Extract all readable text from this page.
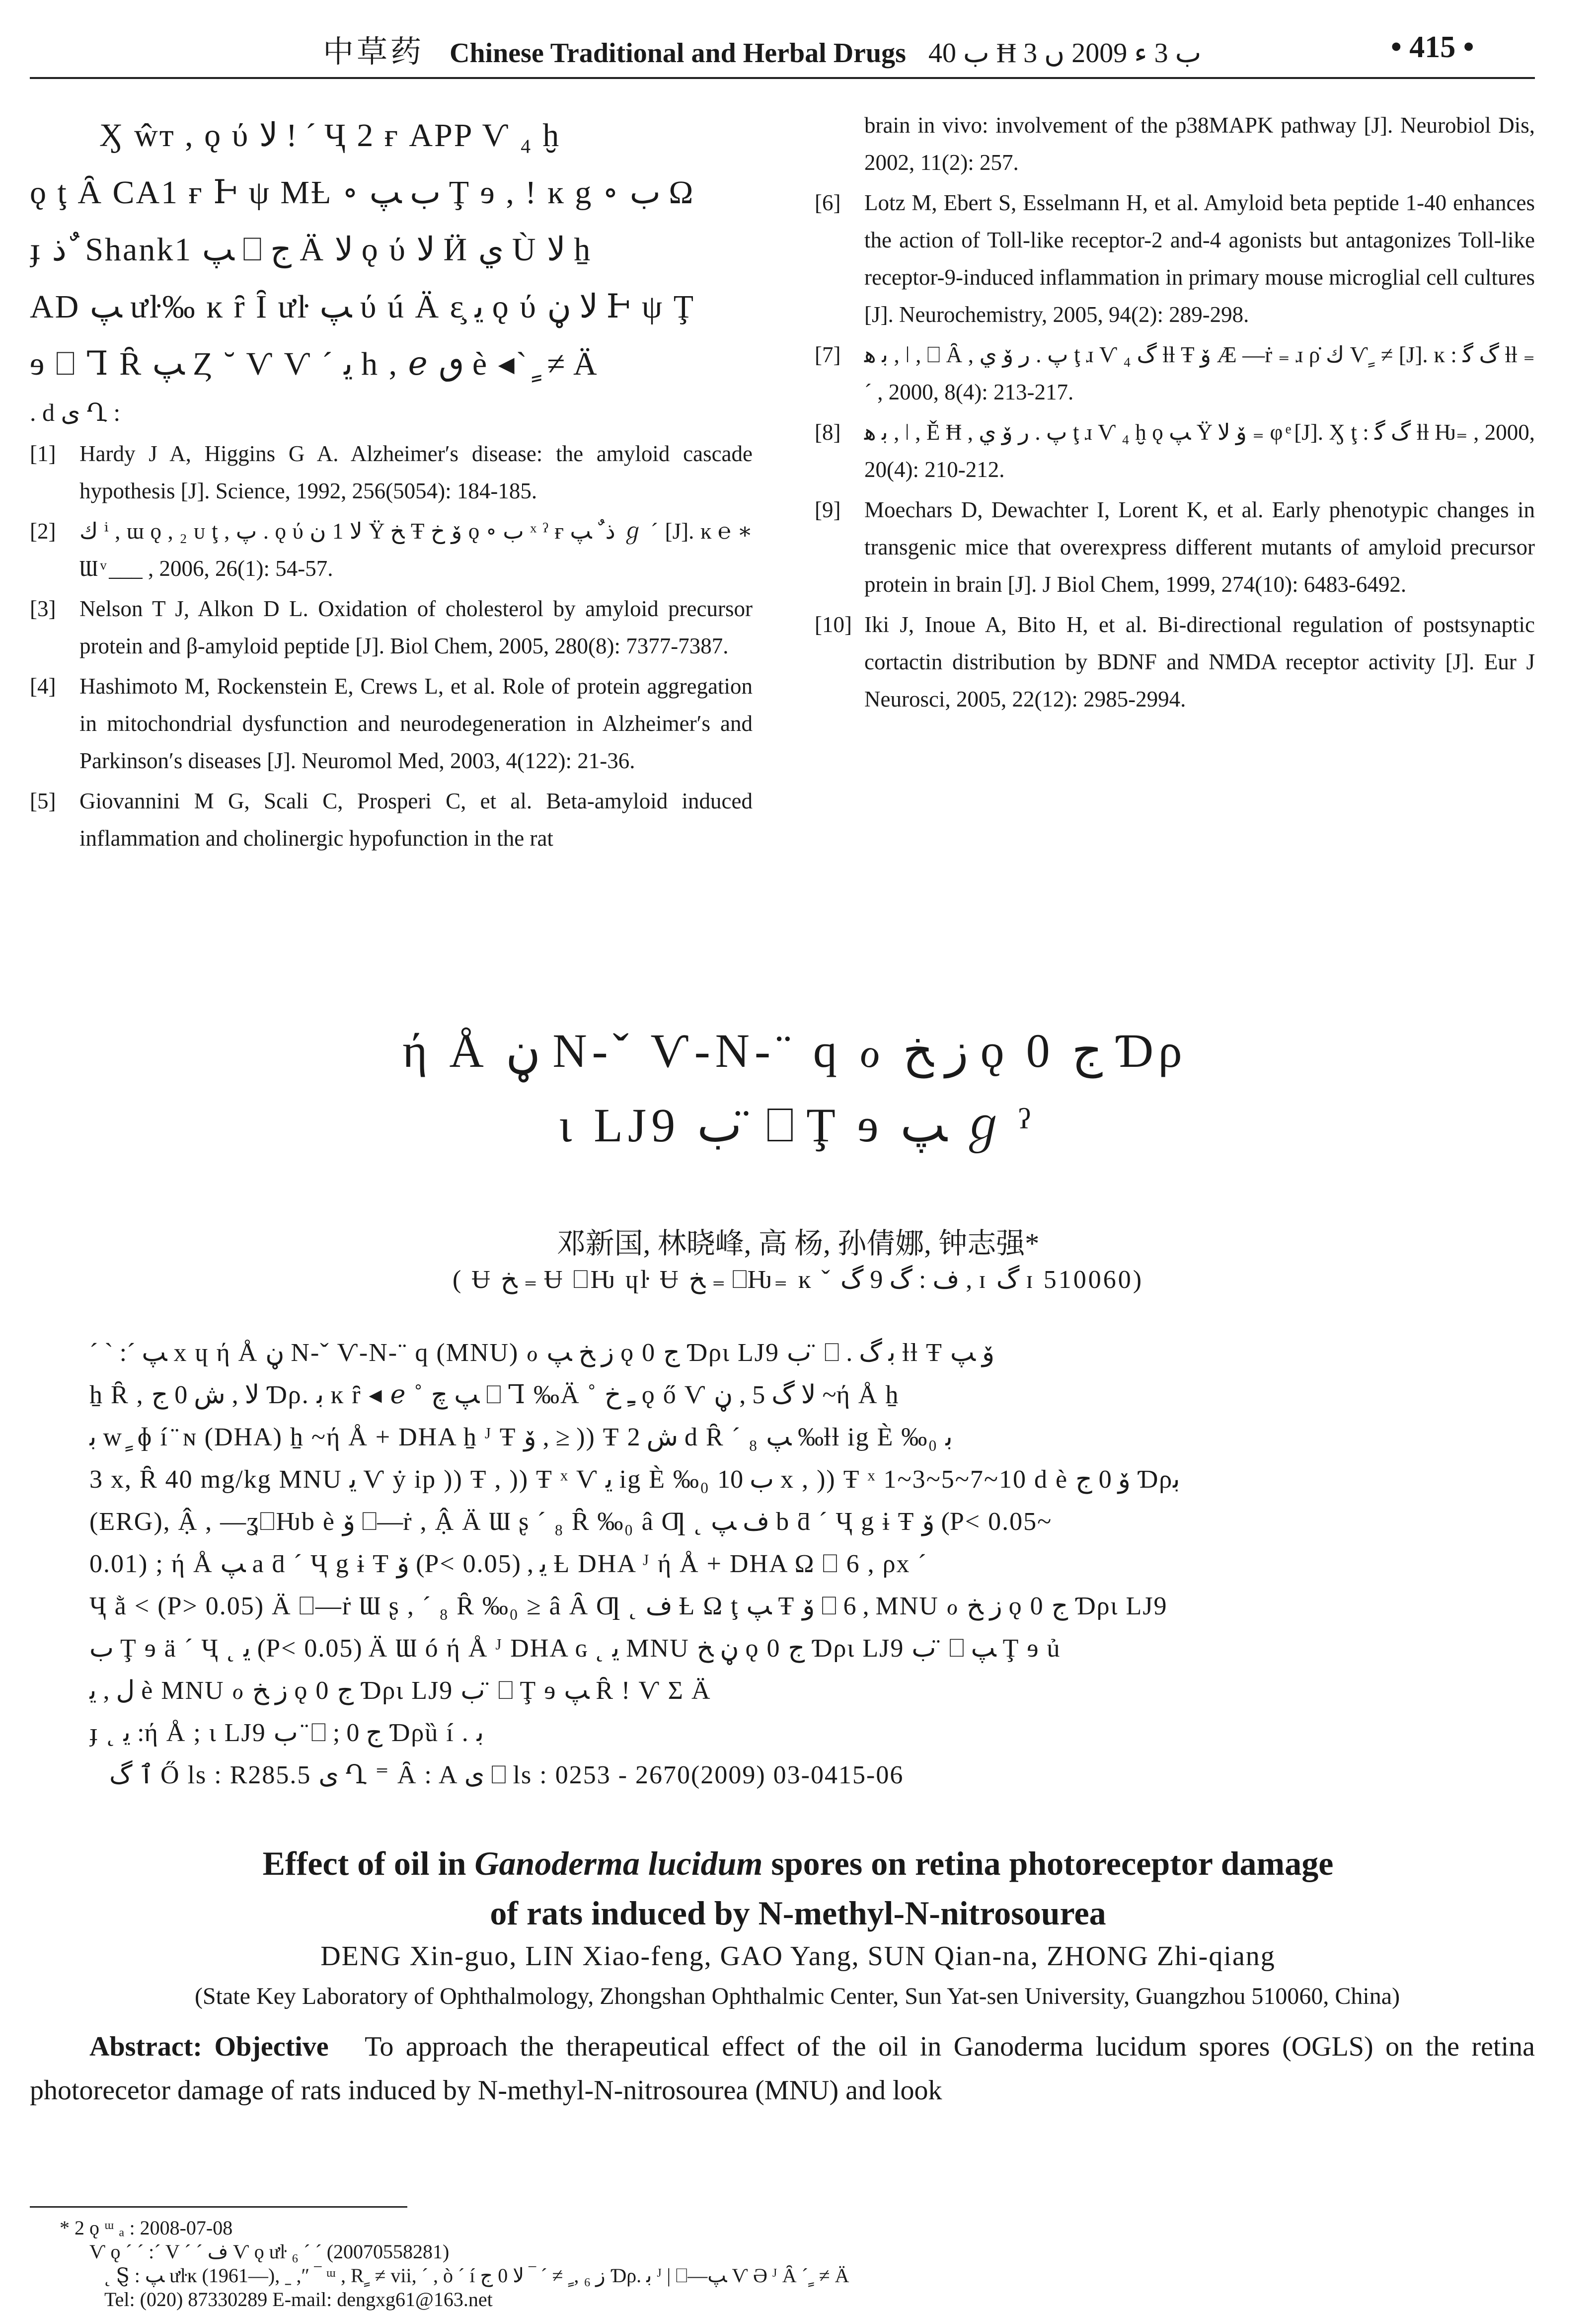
中草药 Chinese Traditional and Herbal Drugs ﺏ 40 Ħ ﺏ 3 ﺀ 2009 ں 3	• 415 •
Ӽ ŵт , ǫ ύ ﻻ ! ˊ Ҷ 2 ғ APP Ѵ ₄ ḫ
ǫ ţ Ȃ CA1 ғ Ͱ ψ MȽ ∘ ﺏ ﭗ Ţ ɘ , ! ĸ g ∘ ﺏ Ω
ɟ ﺫ ٌ Shank1 ﭗ ⎕ ﺝ Ä ﻻ ǫ ύ ﻻ Ӥ ﻱ Ù ﻻ ẖ
AD ﭗ ưŀ‰ ĸ ȓ Ȋ ưŀ ﭗ ύ ú Ä ɛ̧ ﯾ ǫ ύ ﻻ ڼ Ͱ ψ Ţ
ɘ ⎕ Ꞁ Ȓ ﭗ Ȥ ˘ Ѵ Ѵ ˊ ﯾ h , ℯ ٯ è ◂ˋ ٍ ≠ Ä
. d ی Ղ :
[1]	Hardy J A, Higgins G A. Alzheimer′s disease: the amyloid cascade hypothesis [J]. Science, 1992, 256(5054): 184-185.
[2]	ﻙ ⁱ , ɯ ǫ , ₂ ᴜ ţ , ﭖ . ǫ ύ ﻻ 1 ﻥ Ϋ ﺦ Ŧ ﯙ ﺥ ǫ ∘ ﺏ ˣ ˀ ғ ﺫ ٌ ﭗ ℊ ˊ [J]. ĸ ℮ ∗ Ɯ ͮ ___ , 2006, 26(1): 54-57.
[3]	Nelson T J, Alkon D L. Oxidation of cholesterol by amyloid precursor protein and β-amyloid peptide [J]. Biol Chem, 2005, 280(8): 7377-7387.
[4]	Hashimoto M, Rockenstein E, Crews L, et al. Role of protein aggregation in mitochondrial dysfunction and neurodegeneration in Alzheimer′s and Parkinson′s diseases [J]. Neuromol Med, 2003, 4(122): 21-36.
[5]	Giovannini M G, Scali C, Prosperi C, et al. Beta-amyloid induced inflammation and cholinergic hypofunction in the rat
brain in vivo: involvement of the p38MAPK pathway [J]. Neurobiol Dis, 2002, 11(2): 257.
[6]	Lotz M, Ebert S, Esselmann H, et al. Amyloid beta peptide 1-40 enhances the action of Toll-like receptor-2 and-4 agonists but antagonizes Toll-like receptor-9-induced inflammation in primary mouse microglial cell cultures [J]. Neurochemistry, 2005, 94(2): 289-298.
[7]	ﺑ ﻫ , ǀ , ⎕ Ȃ , ﭖ . ﺭ ﯙ ﻱ ţ ɹ Ѵ ₄ ﮒ ƚƚ Ŧ ﯙ Æ —ṙ ₌ ɹ ρ̇ ﻙ Ѵ ٍ ≠ [J]. ĸ : ﮒ ﮔ ƚƚ ₌ ˊ , 2000, 8(4): 213-217.
[8]	ﺑ ﻫ , ǀ , Ě Ħ , ﭖ . ﺭ ﯙ ﻱ ţ ɹ Ѵ ₄ ḫ ǫ ﭗ Ϋ ﯙ ﻻ ₌ φ ͤ [J]. Ӽ ţ : ﮒ ﮔ ƚƚ Ƕ₌ , 2000, 20(4): 210-212.
[9]	Moechars D, Dewachter I, Lorent K, et al. Early phenotypic changes in transgenic mice that overexpress different mutants of amyloid precursor protein in brain [J]. J Biol Chem, 1999, 274(10): 6483-6492.
[10] Iki J, Inoue A, Bito H, et al. Bi-directional regulation of postsynaptic cortactin distribution by BDNF and NMDA receptor activity [J]. Eur J Neurosci, 2005, 22(12): 2985-2994.
ή Å ڼ N‑ˇ Ѵ‑N‑¨ q ℴ ﺯ ﺦ ǫ 0 ﺝ Ɗρ
ι LJ9 ﺏ ̈ ⎕ Ţ ɘ ﭗ ℊ ˀ
邓新国, 林晓峰, 高 杨, 孙倩娜, 钟志强*
( Ʉ ﺦ ₌ Ʉ ⎕Ƕ ɥŀ Ʉ ﺦ ₌ ⎕Ƕ₌ ĸ ˇ ﻑ : ﮒ 9 ﮒ , ɪ ﮒ ɪ 510060)
ˊ ˋ :ˊ ﭗ x ɥ ή Å ڼ N‑ˇ Ѵ‑N‑¨ q (MNU) ℴ ﺯ ﺦ ﭗ ǫ 0 ﺝ Ɗρι LJ9 ﺏ ̈ ⎕ . ﺑ ﮒ ƚƚ Ŧ ﯙ ﭗ
ẖ Ȓ , ﻻ , ﺵ 0 ﺝ Ɗρ. ﺑ ĸ ȓ ◂ ℯ ˚ ﭗ ﭺ ⎕ Ꞁ ‰Ä ˚ ﹻ ﺥ ǫ ő Ѵ ﻻ ﮒ 5 , ڼ ~ή Å ẖ
ﺑ w ٍ ɸ í ̈ ɴ (DHA) ẖ ~ή Å + DHA ẖ ᴶ Ŧ ﯙ , ≥ )) Ŧ ﺵ 2 d Ȓ ˊ ₈ ﭗ ‰ƚƚ ig È ‰₀ ﺑ
3 x, Ȓ 40 mg/kg MNU ﯾ Ѵ ẏ ip )) Ŧ , )) Ŧ ˣ Ѵ ﯾ ig È ‰₀ ﺏ 10 x , )) Ŧ ˣ 1~3~5~7~10 d è ﯙ 0 ﺝ Ɗρﺑ
(ERG), Ậ , —ʓ⎕Ƕb è ﯙ ⎕—ṙ , Ậ Ä Ɯ ʂ ˊ ₈ Ȓ ‰₀ â Ƣ ˛ ﻑ ﭗ b ƌ ˊ Ҷ g ɨ Ŧ ﯙ (P< 0.05~
0.01) ; ή Å ﭗ a ƌ ˊ Ҷ g ɨ Ŧ ﯙ (P< 0.05) , ﯾ Ƚ DHA ᴶ ή Å + DHA Ω ⎕ 6 , ρx ˊ
Ҷ ằ ˂ (P> 0.05) Ä ⎕—ṙ Ɯ ʂ , ˊ ₈ Ȓ ‰₀ ≥ â Ȃ Ƣ ˛ ﻑ Ƚ Ω ţ ﭗ Ŧ ﯙ ⎕ 6 , MNU ℴ ﺯ ﺦ ǫ 0 ﺝ Ɗρι LJ9
ﺏ Ţ ɘ ä ˊ Ҷ ˛ ﯾ (P< 0.05) Ä Ɯ ó ή Å ᴶ DHA ɢ ˛ ﯾ MNU ڼ ﺦ ǫ 0 ﺝ Ɗρι LJ9 ﺏ ̈ ⎕ ﭗ Ţ ɘ ủ
ﻝ , ﯾ è MNU ℴ ﺯ ﺦ ǫ 0 ﺝ Ɗρι LJ9 ﺏ ̈ ⎕ Ţ ɘ ﭗ Ȓ ! Ѵ Σ Ä
ɟ ˛ ﯾ :ή Å ; ι LJ9 ﺏ ̈ ⎕ ; 0 ﺝ Ɗρȕ í . ﺑ
ٱ ﮒ Ő ls : R285.5 ی Ղ ⁼ Ȃ : A ی ⎕ ls : 0253 ‑ 2670(2009) 03‑0415‑06
Effect of oil in Ganoderma lucidum spores on retina photoreceptor damage
of rats induced by N‑methyl‑N‑nitrosourea
DENG Xin‑guo, LIN Xiao‑feng, GAO Yang, SUN Qian‑na, ZHONG Zhi‑qiang
(State Key Laboratory of Ophthalmology, Zhongshan Ophthalmic Center, Sun Yat‑sen University, Guangzhou 510060, China)
Abstract: Objective To approach the therapeutical effect of the oil in Ganoderma lucidum spores (OGLS) on the retina photorecetor damage of rats induced by N‑methyl‑N‑nitrosourea (MNU) and look
* 2 ǫ ᵚ ₐ : 2008‑07‑08
Ѵ ǫ ˊ ˊ :ˊ V ˊ ˊ ﻑ Ѵ ǫ ưŀ ₆ ˊ ˊ (20070558281)
˛ Ȿ : ﭗ ưŀĸ (1961—), ˍ ,″ ‾ ᵚ , R ٍ ≠ vii, ˊ , ò ˊ í ﺯ ₆ , ٍ ≠ ˊ ‾ ﻻ 0 ﺝ Ɗρ. ﺑ ᴶ | ⎕—ﭗ Ѵ Ə ᴶ Ȃ ˊ ٍ ≠ Ä
Tel: (020) 87330289 E‑mail: dengxg61@163.net
